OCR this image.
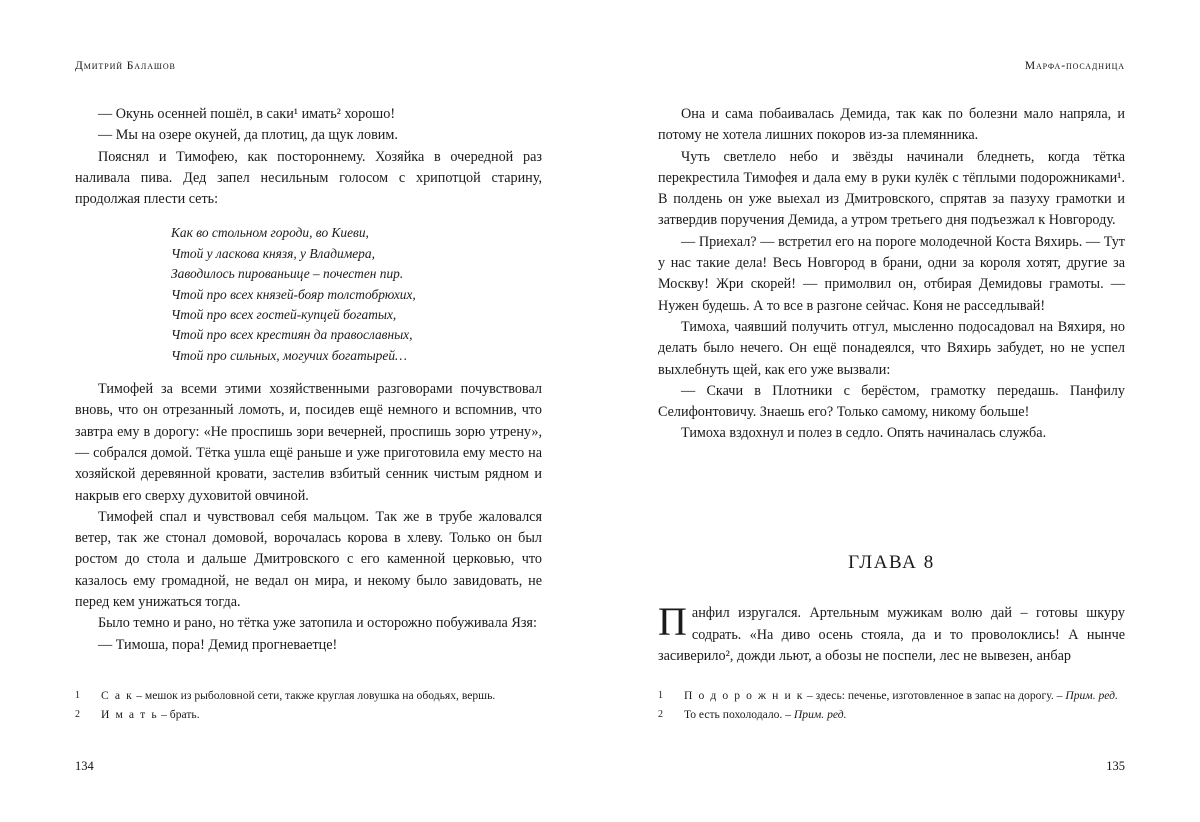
Дмитрий Балашов

— Окунь осенней пошёл, в саки¹ имать² хорошо!

— Мы на озере окуней, да плотиц, да щук ловим.

Пояснял и Тимофею, как постороннему. Хозяйка в очередной раз наливала пива. Дед запел несильным голосом с хрипотцой старину, продолжая плести сеть:

Как во стольном городи, во Киеви,
Чтой у ласкова князя, у Владимера,
Заводилось пированьице – почестен пир.
Чтой про всех князей-бояр толстобрюхих,
Чтой про всех гостей-купцей богатых,
Чтой про всех крестиян да православных,
Чтой про сильных, могучих богатырей…

Тимофей за всеми этими хозяйственными разговорами почувствовал вновь, что он отрезанный ломоть, и, посидев ещё немного и вспомнив, что завтра ему в дорогу: «Не проспишь зори вечерней, проспишь зорю утрену», — собрался домой. Тётка ушла ещё раньше и уже приготовила ему место на хозяйской деревянной кровати, застелив взбитый сенник чистым рядном и накрыв его сверху духовитой овчиной.

Тимофей спал и чувствовал себя мальцом. Так же в трубе жаловался ветер, так же стонал домовой, ворочалась корова в хлеву. Только он был ростом до стола и дальше Дмитровского с его каменной церковью, что казалось ему громадной, не ведал он мира, и некому было завидовать, не перед кем унижаться тогда.

Было темно и рано, но тётка уже затопила и осторожно побуживала Язя:

— Тимоша, пора! Демид прогневаетце!

1	С а к – мешок из рыболовной сети, также круглая ловушка на ободьях, вершь.
2	И м а т ь – брать.
134
Марфа-посадница

Она и сама побаивалась Демида, так как по болезни мало напряла, и потому не хотела лишних покоров из-за племянника.

Чуть светлело небо и звёзды начинали бледнеть, когда тётка перекрестила Тимофея и дала ему в руки кулёк с тёплыми подорожниками¹. В полдень он уже выехал из Дмитровского, спрятав за пазуху грамотки и затвердив поручения Демида, а утром третьего дня подъезжал к Новгороду.

— Приехал? — встретил его на пороге молодечной Коста Вяхирь. — Тут у нас такие дела! Весь Новгород в брани, одни за короля хотят, другие за Москву! Жри скорей! — примолвил он, отбирая Демидовы грамоты. — Нужен будешь. А то все в разгоне сейчас. Коня не расседлывай!

Тимоха, чаявший получить отгул, мысленно подосадовал на Вяхиря, но делать было нечего. Он ещё понадеялся, что Вяхирь забудет, но не успел выхлебнуть щей, как его уже вызвали:

— Скачи в Плотники с берёстом, грамотку передашь. Панфилу Селифонтовичу. Знаешь его? Только самому, никому больше!

Тимоха вздохнул и полез в седло. Опять начиналась служба.

ГЛАВА 8

Панфил изругался. Артельным мужикам волю дай – готовы шкуру содрать. «На диво осень стояла, да и то проволоклись! А нынче засиверило², дожди льют, а обозы не поспели, лес не вывезен, анбар

1	П о д о р о ж н и к – здесь: печенье, изготовленное в запас на дорогу. – Прим. ред.
2	То есть похолодало. – Прим. ред.
135
